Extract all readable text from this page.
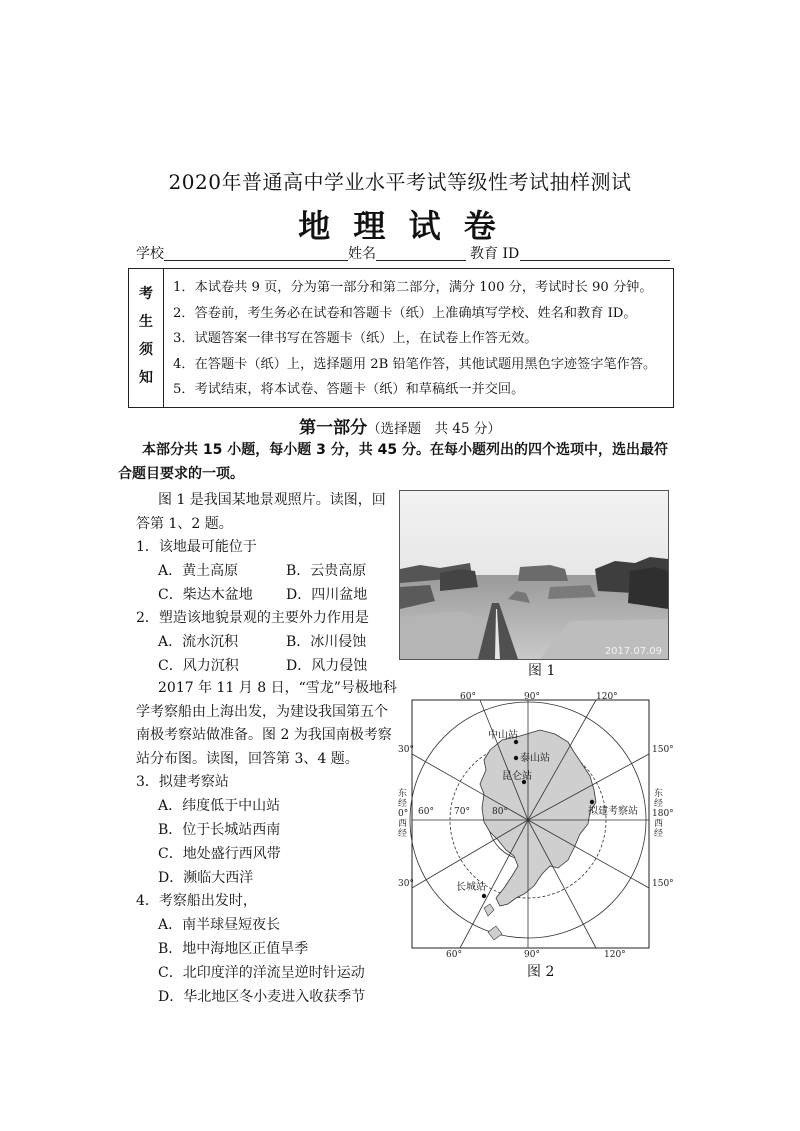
2020年普通高中学业水平考试等级性考试抽样测试
地 理 试 卷
学校	姓名	教育 ID
考
生
须
知
1．本试卷共 9 页，分为第一部分和第二部分，满分 100 分，考试时长 90 分钟。
2．答卷前，考生务必在试卷和答题卡（纸）上准确填写学校、姓名和教育 ID。
3．试题答案一律书写在答题卡（纸）上，在试卷上作答无效。
4．在答题卡（纸）上，选择题用 2B 铅笔作答，其他试题用黑色字迹签字笔作答。
5．考试结束，将本试卷、答题卡（纸）和草稿纸一并交回。
第一部分（选择题　共 45 分）
本部分共 15 小题，每小题 3 分，共 45 分。在每小题列出的四个选项中，选出最符
合题目要求的一项。
图 1 是我国某地景观照片。读图，回
答第 1、2 题。
1．该地最可能位于
A．黄土高原	B．云贵高原
C．柴达木盆地 D．四川盆地
2．塑造该地貌景观的主要外力作用是
A．流水沉积	B．冰川侵蚀
C．风力沉积	D．风力侵蚀
2017.07.09
图 1
2017 年 11 月 8 日，“雪龙”号极地科
学考察船由上海出发，为建设我国第五个
南极考察站做准备。图 2 为我国南极考察
站分布图。读图，回答第 3、4 题。
3．拟建考察站
A．纬度低于中山站
B．位于长城站西南
C．地处盛行西风带
D．濒临大西洋
4．考察船出发时，
A．南半球昼短夜长
B．地中海地区正值旱季
C．北印度洋的洋流呈逆时针运动
D．华北地区冬小麦进入收获季节
60°	90°	120°
60°	90°	120°
30°
30°
150°
150°
60° 70° 80°
东
经
0°
西
经
东
经
180°
西
经
中山站
泰山站
昆仑站
拟建考察站
长城站
图 2
